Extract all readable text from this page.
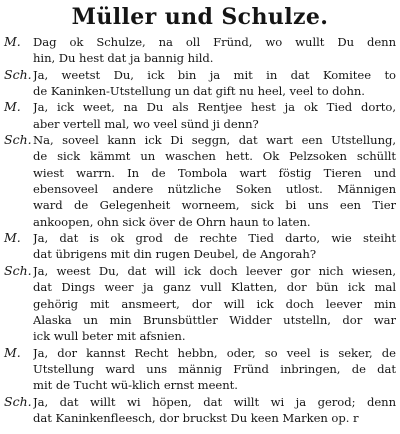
Müller und Schulze.
M.	Dag ok Schulze, na oll Fründ, wo wullt Du denn
hin, Du hest dat ja bannig hild.
Sch. Ja, weetst Du, ick bin ja mit in dat Komitee to
de Kaninken-Utstellung un dat gift nu heel, veel to dohn.
M.	Ja, ick weet, na Du als Rentjee hest ja ok Tied dorto,
aber vertell mal, wo veel sünd ji denn?
Sch. Na, soveel kann ick Di seggn, dat wart een Utstellung,
de sick kämmt un waschen hett. Ok Pelzsoken schüllt
wiest warrn. In de Tombola wart föstig Tieren und
ebensoveel andere nützliche Soken utlost. Männigen
ward de Gelegenheit worneem, sick bi uns een Tier
ankoopen, ohn sick över de Ohrn haun to laten.
M.	Ja, dat is ok grod de rechte Tied darto, wie steiht
dat übrigens mit din rugen Deubel, de Angorah?
Sch. Ja, weest Du, dat will ick doch leever gor nich wiesen,
dat Dings weer ja ganz vull Klatten, dor bün ick mal
gehörig mit ansmeert, dor will ick doch leever min
Alaska un min Brunsbüttler Widder utstelln, dor war
ick wull beter mit afsnien.
M.	Ja, dor kannst Recht hebbn, oder, so veel is seker, de
Utstellung ward uns männig Fründ inbringen, de dat
mit de Tucht wü-klich ernst meent.
Sch. Ja, dat willt wi höpen, dat willt wi ja gerod; denn
dat Kaninkenfleesch, dor bruckst Du keen Marken op. r
